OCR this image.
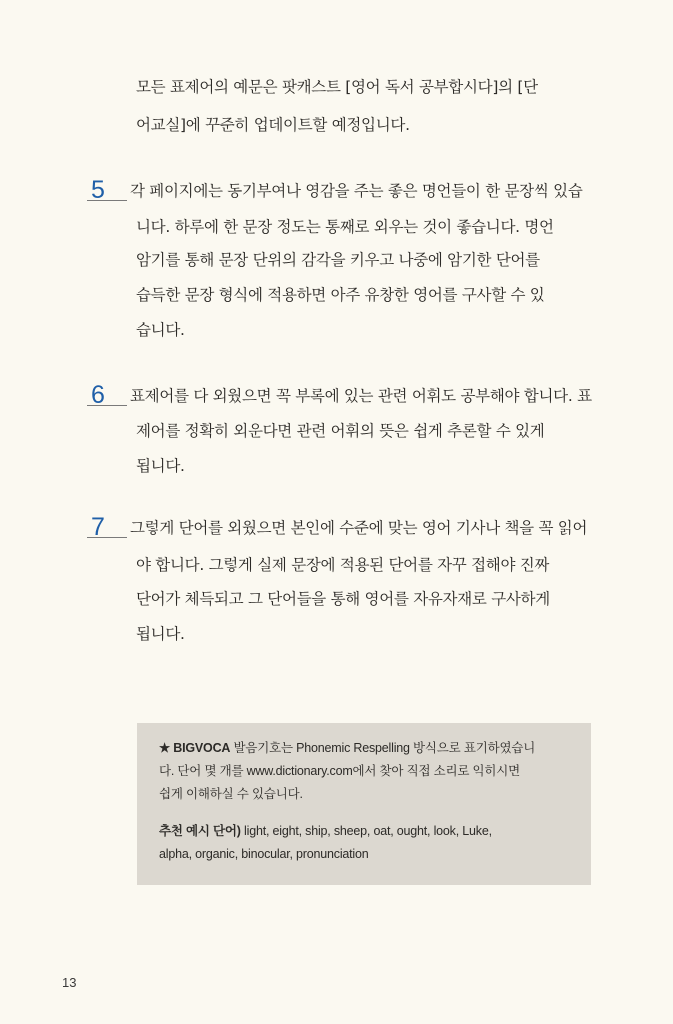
모든 표제어의 예문은 팟캐스트 [영어 독서 공부합시다]의 [단
어교실]에 꾸준히 업데이트할 예정입니다.
5 각 페이지에는 동기부여나 영감을 주는 좋은 명언들이 한 문장씩 있습
니다. 하루에 한 문장 정도는 통째로 외우는 것이 좋습니다. 명언
암기를 통해 문장 단위의 감각을 키우고 나중에 암기한 단어를
습득한 문장 형식에 적용하면 아주 유창한 영어를 구사할 수 있
습니다.
6 표제어를 다 외웠으면 꼭 부록에 있는 관련 어휘도 공부해야 합니다. 표
제어를 정확히 외운다면 관련 어휘의 뜻은 쉽게 추론할 수 있게
됩니다.
7 그렇게 단어를 외웠으면 본인에 수준에 맞는 영어 기사나 책을 꼭 읽어
야 합니다. 그렇게 실제 문장에 적용된 단어를 자꾸 접해야 진짜
단어가 체득되고 그 단어들을 통해 영어를 자유자재로 구사하게
됩니다.
★ BIGVOCA 발음기호는 Phonemic Respelling 방식으로 표기하였습니
다. 단어 몇 개를 www.dictionary.com에서 찾아 직접 소리로 익히시면
쉽게 이해하실 수 있습니다.
추천 예시 단어) light, eight, ship, sheep, oat, ought, look, Luke,
alpha, organic, binocular, pronunciation
13
